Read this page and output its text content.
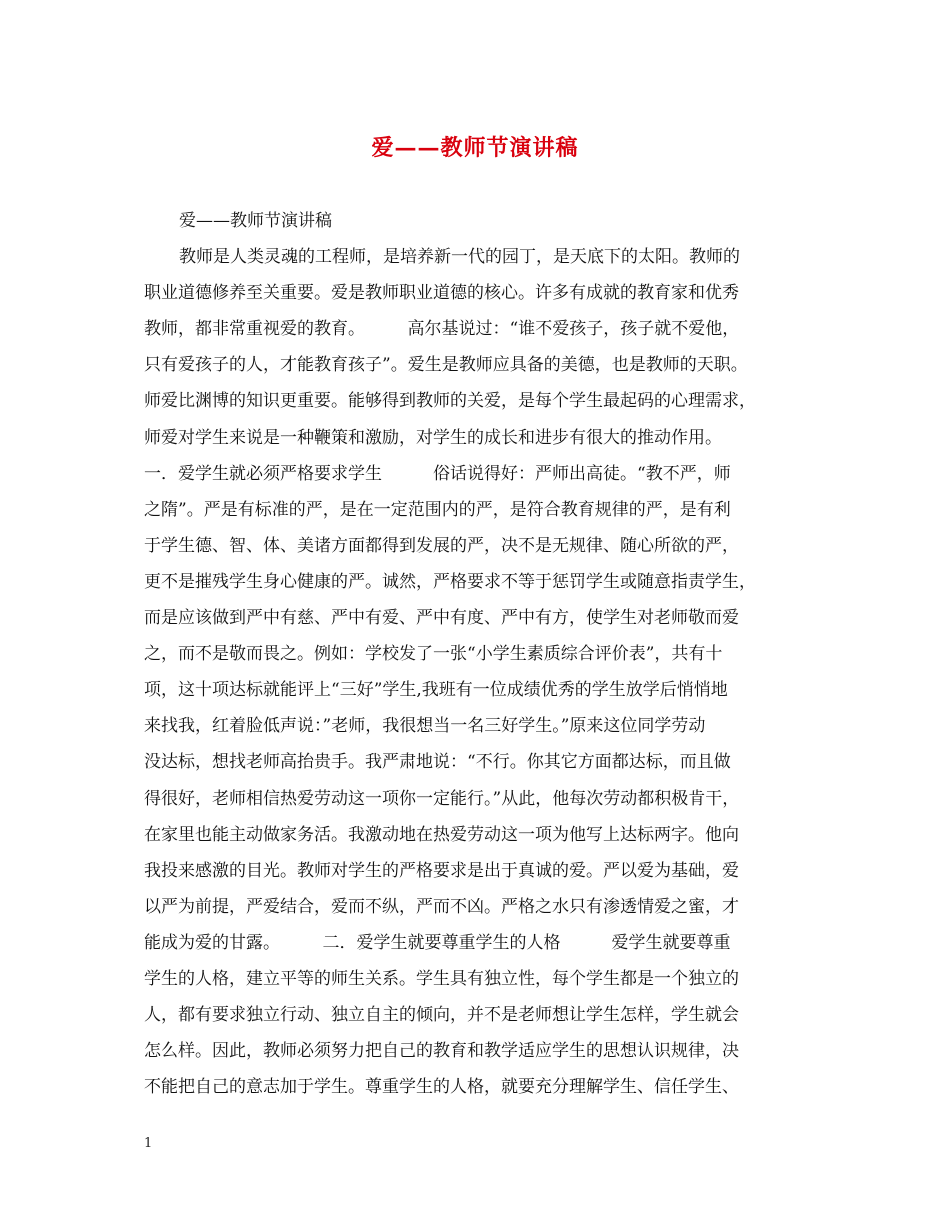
爱——教师节演讲稿
爱——教师节演讲稿
教师是人类灵魂的工程师，是培养新一代的园丁，是天底下的太阳。教师的
职业道德修养至关重要。爱是教师职业道德的核心。许多有成就的教育家和优秀
教师，都非常重视爱的教育。　　　高尔基说过：“谁不爱孩子，孩子就不爱他，
只有爱孩子的人，才能教育孩子”。爱生是教师应具备的美德，也是教师的天职。
师爱比渊博的知识更重要。能够得到教师的关爱，是每个学生最起码的心理需求，
师爱对学生来说是一种鞭策和激励，对学生的成长和进步有很大的推动作用。
一．爱学生就必须严格要求学生　　　俗话说得好：严师出高徒。“教不严，师
之隋”。严是有标准的严，是在一定范围内的严，是符合教育规律的严，是有利
于学生德、智、体、美诸方面都得到发展的严，决不是无规律、随心所欲的严，
更不是摧残学生身心健康的严。诚然，严格要求不等于惩罚学生或随意指责学生，
而是应该做到严中有慈、严中有爱、严中有度、严中有方，使学生对老师敬而爱
之，而不是敬而畏之。例如：学校发了一张“小学生素质综合评价表”，共有十
项，这十项达标就能评上“三好”学生,我班有一位成绩优秀的学生放学后悄悄地
来找我，红着脸低声说：”老师，我很想当一名三好学生。”原来这位同学劳动
没达标，想找老师高抬贵手。我严肃地说：“不行。你其它方面都达标，而且做
得很好，老师相信热爱劳动这一项你一定能行。”从此，他每次劳动都积极肯干，
在家里也能主动做家务活。我激动地在热爱劳动这一项为他写上达标两字。他向
我投来感激的目光。教师对学生的严格要求是出于真诚的爱。严以爱为基础，爱
以严为前提，严爱结合，爱而不纵，严而不凶。严格之水只有渗透情爱之蜜，才
能成为爱的甘露。　　　二．爱学生就要尊重学生的人格　　　爱学生就要尊重
学生的人格，建立平等的师生关系。学生具有独立性，每个学生都是一个独立的
人，都有要求独立行动、独立自主的倾向，并不是老师想让学生怎样，学生就会
怎么样。因此，教师必须努力把自己的教育和教学适应学生的思想认识规律，决
不能把自己的意志加于学生。尊重学生的人格，就要充分理解学生、信任学生、
1
